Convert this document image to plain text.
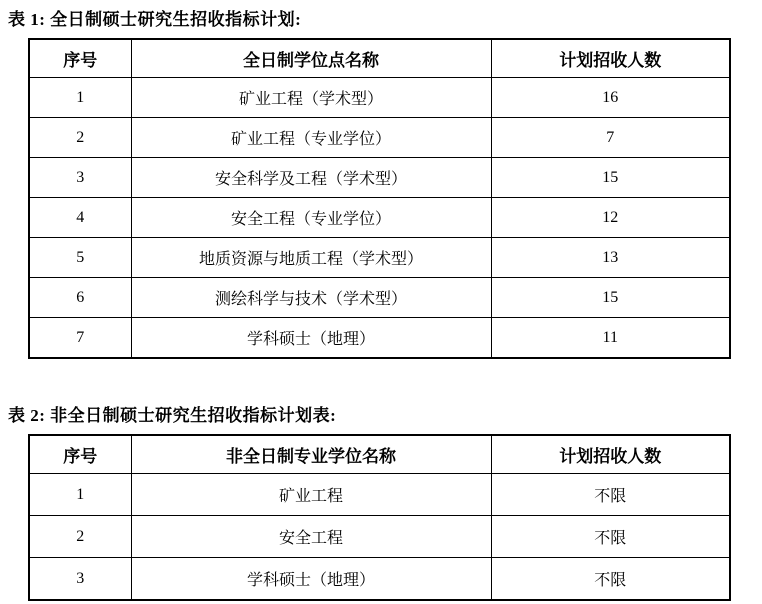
表 1: 全日制硕士研究生招收指标计划:

序号	全日制学位点名称	计划招收人数
1	矿业工程（学术型）	16
2	矿业工程（专业学位）	7
3	安全科学及工程（学术型）	15
4	安全工程（专业学位）	12
5	地质资源与地质工程（学术型）	13
6	测绘科学与技术（学术型）	15
7	学科硕士（地理）	11

表 2: 非全日制硕士研究生招收指标计划表:

序号	非全日制专业学位名称	计划招收人数
1	矿业工程	不限
2	安全工程	不限
3	学科硕士（地理）	不限
